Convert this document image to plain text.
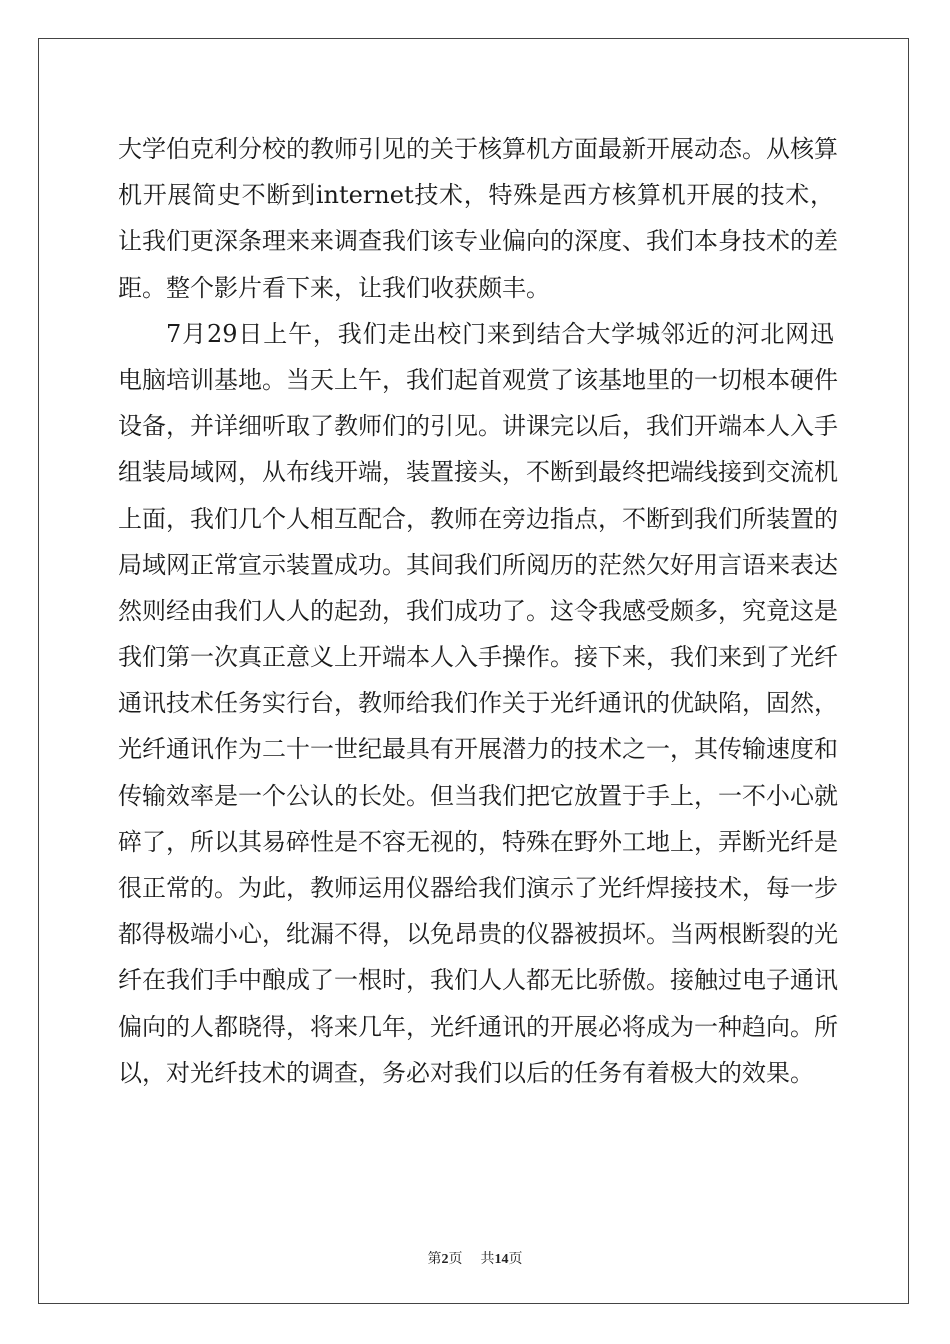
大学伯克利分校的教师引见的关于核算机方面最新开展动态。从核算
机开展简史不断到internet技术，特殊是西方核算机开展的技术，
让我们更深条理来来调查我们该专业偏向的深度、我们本身技术的差
距。整个影片看下来，让我们收获颇丰。
7月29日上午，我们走出校门来到结合大学城邻近的河北网迅
电脑培训基地。当天上午，我们起首观赏了该基地里的一切根本硬件
设备，并详细听取了教师们的引见。讲课完以后，我们开端本人入手
组装局域网，从布线开端，装置接头，不断到最终把端线接到交流机
上面，我们几个人相互配合，教师在旁边指点，不断到我们所装置的
局域网正常宣示装置成功。其间我们所阅历的茫然欠好用言语来表达
然则经由我们人人的起劲，我们成功了。这令我感受颇多，究竟这是
我们第一次真正意义上开端本人入手操作。接下来，我们来到了光纤
通讯技术任务实行台，教师给我们作关于光纤通讯的优缺陷，固然，
光纤通讯作为二十一世纪最具有开展潜力的技术之一，其传输速度和
传输效率是一个公认的长处。但当我们把它放置于手上，一不小心就
碎了，所以其易碎性是不容无视的，特殊在野外工地上，弄断光纤是
很正常的。为此，教师运用仪器给我们演示了光纤焊接技术，每一步
都得极端小心，纰漏不得，以免昂贵的仪器被损坏。当两根断裂的光
纤在我们手中酿成了一根时，我们人人都无比骄傲。接触过电子通讯
偏向的人都晓得，将来几年，光纤通讯的开展必将成为一种趋向。所
以，对光纤技术的调查，务必对我们以后的任务有着极大的效果。
第2页 共14页
